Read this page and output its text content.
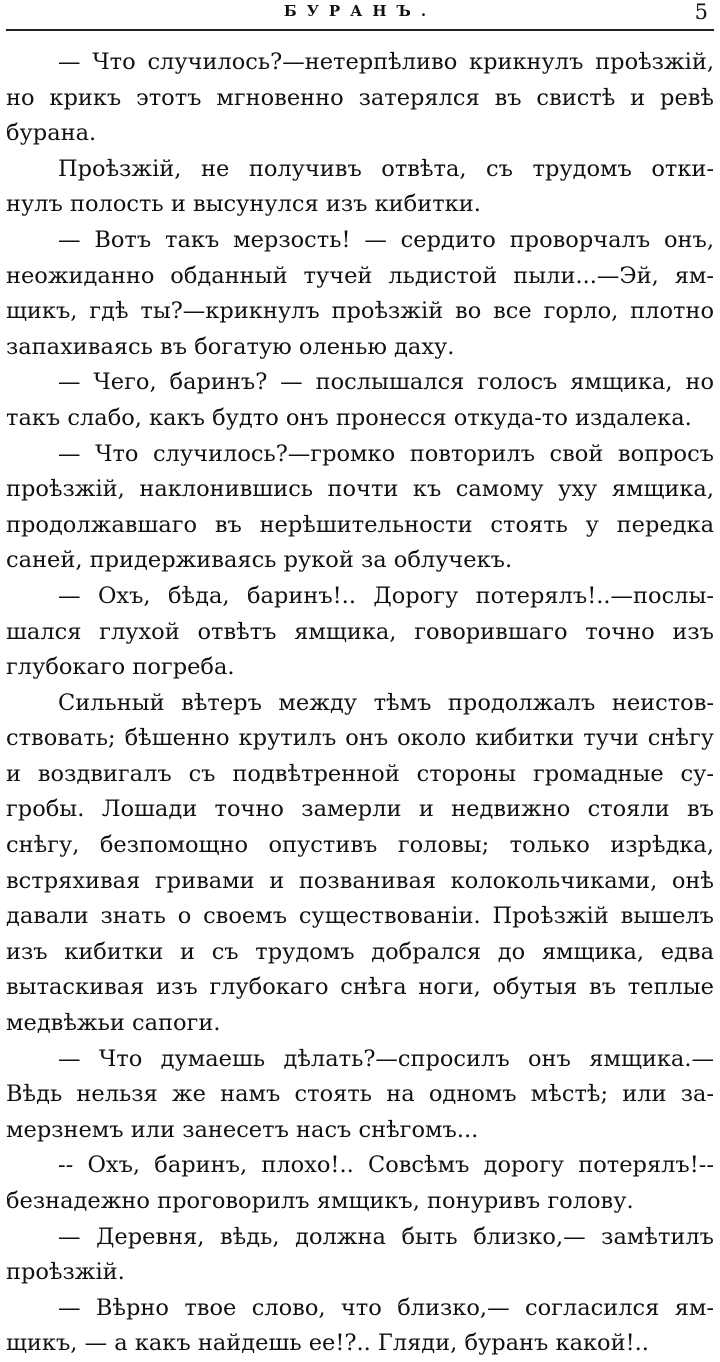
БУРАНЪ.	5
— Что случилось?—нетерпѣливо крикнулъ проѣзжій,
но крикъ этотъ мгновенно затерялся въ свистѣ и ревѣ
бурана.
Проѣзжій, не получивъ отвѣта, съ трудомъ отки-
нулъ полость и высунулся изъ кибитки.
— Вотъ такъ мерзость! — сердито проворчалъ онъ,
неожиданно обданный тучей льдистой пыли...—Эй, ям-
щикъ, гдѣ ты?—крикнулъ проѣзжій во все горло, плотно
запахиваясь въ богатую оленью даху.
— Чего, баринъ? — послышался голосъ ямщика, но
такъ слабо, какъ будто онъ пронесся откуда-то издалека.
— Что случилось?—громко повторилъ свой вопросъ
проѣзжій, наклонившись почти къ самому уху ямщика,
продолжавшаго въ нерѣшительности стоять у передка
саней, придерживаясь рукой за облучекъ.
— Охъ, бѣда, баринъ!.. Дорогу потерялъ!..—послы-
шался глухой отвѣтъ ямщика, говорившаго точно изъ
глубокаго погреба.
Сильный вѣтеръ между тѣмъ продолжалъ неистов-
ствовать; бѣшенно крутилъ онъ около кибитки тучи снѣгу
и воздвигалъ съ подвѣтренной стороны громадные су-
гробы. Лошади точно замерли и недвижно стояли въ
снѣгу, безпомощно опустивъ головы; только изрѣдка,
встряхивая гривами и позванивая колокольчиками, онѣ
давали знать о своемъ существованіи. Проѣзжій вышелъ
изъ кибитки и съ трудомъ добрался до ямщика, едва
вытаскивая изъ глубокаго снѣга ноги, обутыя въ теплые
медвѣжьи сапоги.
— Что думаешь дѣлать?—спросилъ онъ ямщика.—
Вѣдь нельзя же намъ стоять на одномъ мѣстѣ; или за-
мерзнемъ или занесетъ насъ снѣгомъ...
-- Охъ, баринъ, плохо!.. Совсѣмъ дорогу потерялъ!--
безнадежно проговорилъ ямщикъ, понуривъ голову.
— Деревня, вѣдь, должна быть близко,— замѣтилъ
проѣзжій.
— Вѣрно твое слово, что близко,— согласился ям-
щикъ, — а какъ найдешь ее!?.. Гляди, буранъ какой!..
